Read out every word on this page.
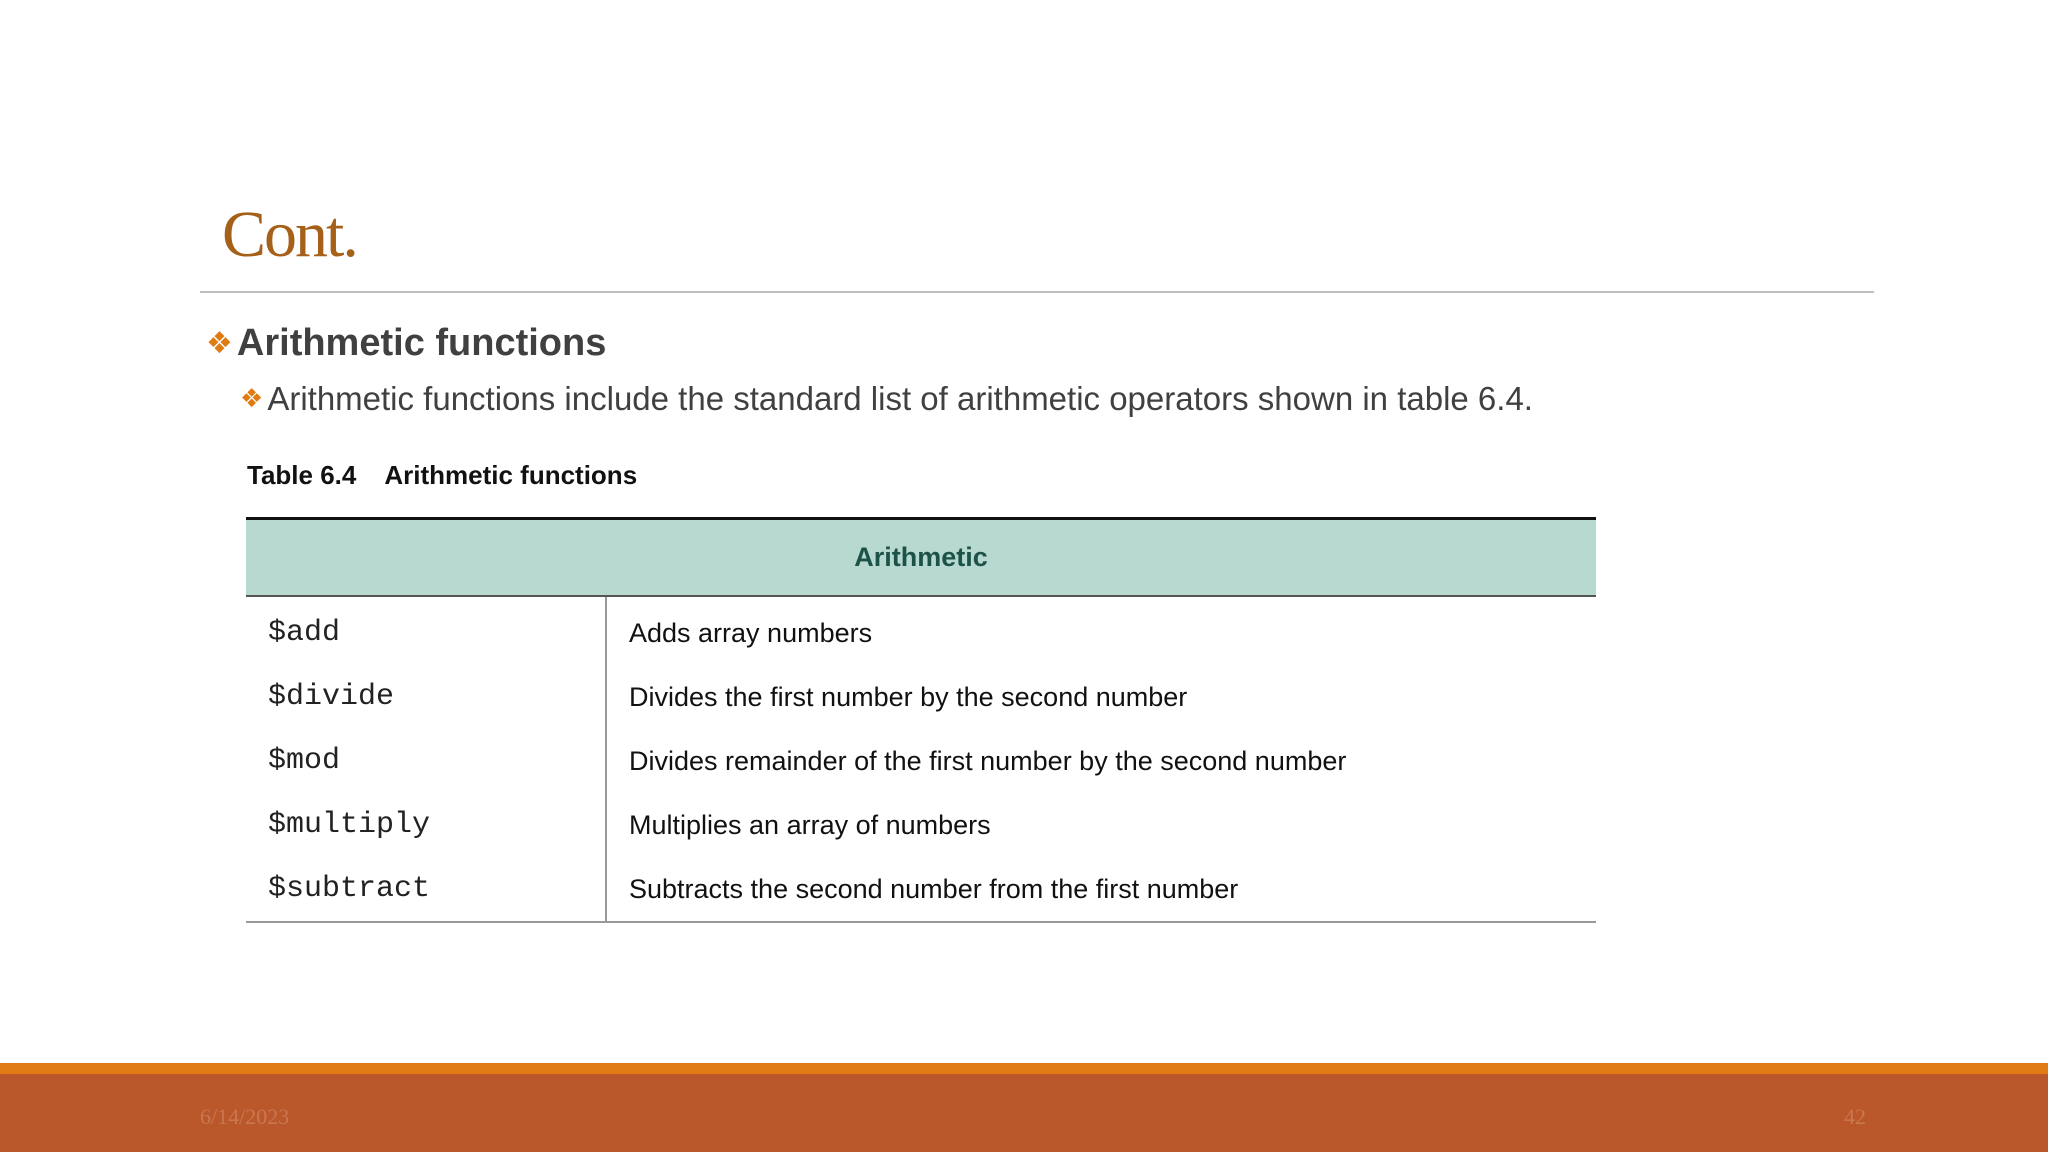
Cont.
❖ Arithmetic functions
❖ Arithmetic functions include the standard list of arithmetic operators shown in table 6.4.
Table 6.4 Arithmetic functions
Arithmetic	
$add	Adds array numbers
$divide	Divides the first number by the second number
$mod	Divides remainder of the first number by the second number
$multiply	Multiplies an array of numbers
$subtract	Subtracts the second number from the first number
6/14/2023	42
